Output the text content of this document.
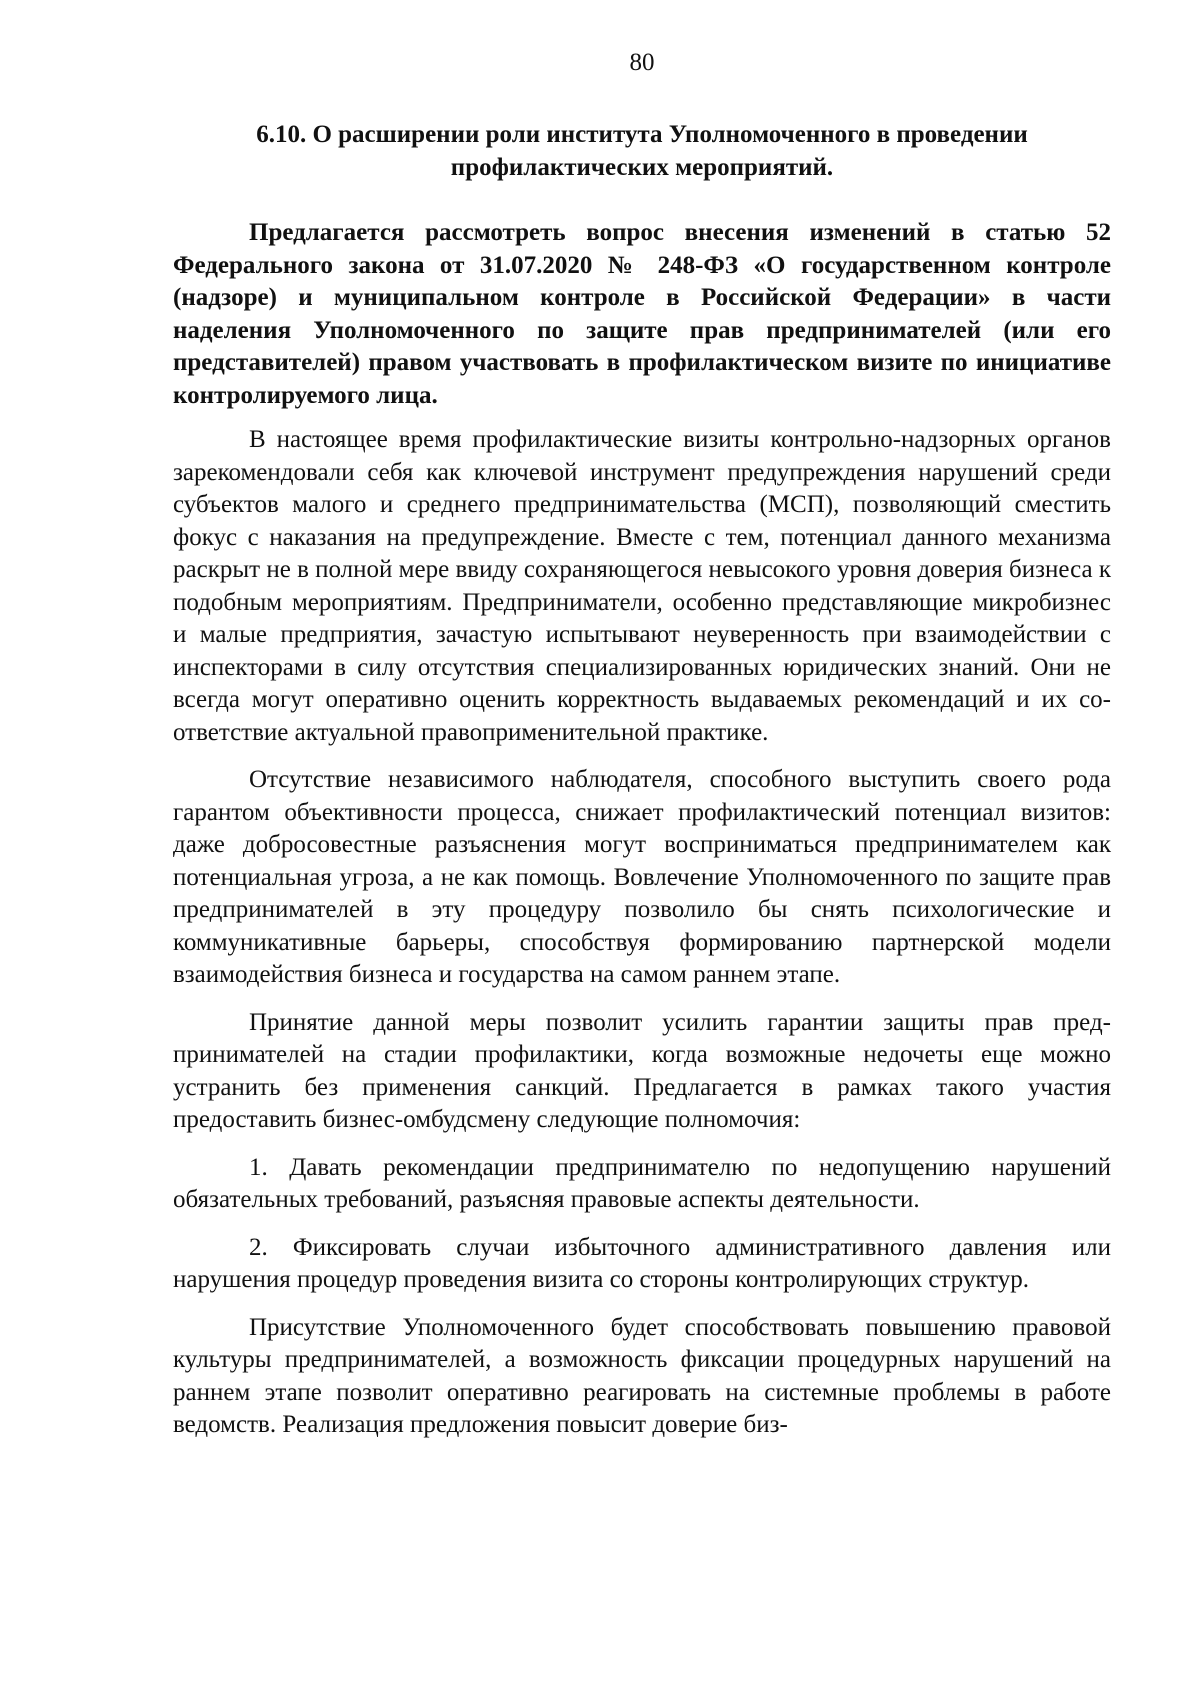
80
6.10. О расширении роли института Уполномоченного в проведении
профилактических мероприятий.

Предлагается рассмотреть вопрос внесения изменений в статью 52 Федерального закона от 31.07.2020 № 248-ФЗ «О государственном контроле (надзоре) и муниципальном контроле в Российской Федерации» в части наделения Уполномоченного по защите прав предпринимателей (или его представителей) правом участвовать в профилактическом визите по инициативе контролируемого лица.

В настоящее время профилактические визиты контрольно-надзорных органов зарекомендовали себя как ключевой инструмент предупреждения нарушений среди субъектов малого и среднего предпринимательства (МСП), позволяющий сместить фокус с наказания на предупреждение. Вместе с тем, потенциал данного механизма раскрыт не в полной мере ввиду сохраняющегося невысокого уровня доверия бизнеса к подобным мероприятиям. Предприниматели, особенно представляющие микробизнес и малые предприятия, зачастую испытывают неуверенность при взаимодействии с инспекторами в силу отсутствия специализированных юридических знаний. Они не всегда могут оперативно оценить корректность выдаваемых рекомендаций и их соответствие актуальной правоприменительной практике.

Отсутствие независимого наблюдателя, способного выступить своего рода гарантом объективности процесса, снижает профилактический потенциал визитов: даже добросовестные разъяснения могут восприниматься предпринимателем как потенциальная угроза, а не как помощь. Вовлечение Уполномоченного по защите прав предпринимателей в эту процедуру позволило бы снять психологические и коммуникативные барьеры, способствуя формированию партнерской модели взаимодействия бизнеса и государства на самом раннем этапе.

Принятие данной меры позволит усилить гарантии защиты прав предпринимателей на стадии профилактики, когда возможные недочеты еще можно устранить без применения санкций. Предлагается в рамках такого участия предоставить бизнес-омбудсмену следующие полномочия:

1. Давать рекомендации предпринимателю по недопущению нарушений обязательных требований, разъясняя правовые аспекты деятельности.

2. Фиксировать случаи избыточного административного давления или нарушения процедур проведения визита со стороны контролирующих структур.

Присутствие Уполномоченного будет способствовать повышению правовой культуры предпринимателей, а возможность фиксации процедурных нарушений на раннем этапе позволит оперативно реагировать на системные проблемы в работе ведомств. Реализация предложения повысит доверие биз-
